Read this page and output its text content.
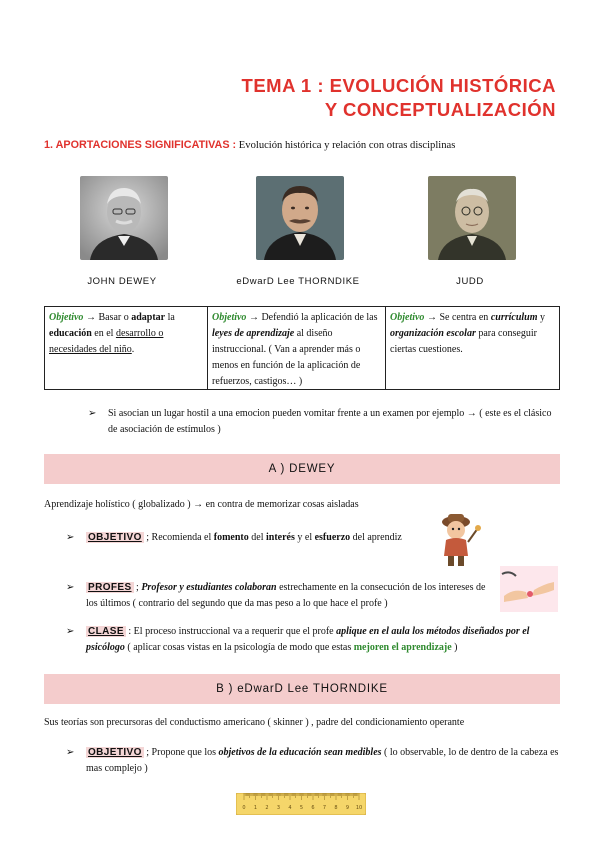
TEMA 1 : EVOLUCIÓN HISTÓRICA
Y CONCEPTUALIZACIÓN
1. APORTACIONES SIGNIFICATIVAS : Evolución histórica y relación con otras disciplinas
JOHN DEWEY	eDwarD Lee THORNDIKE	JUDD
Objetivo → Basar o adaptar la educación en el desarrollo o necesidades del niño.
Objetivo → Defendió la aplicación de las leyes de aprendizaje al diseño instruccional. ( Van a aprender más o menos en función de la aplicación de refuerzos, castigos… )
Objetivo → Se centra en currículum y organización escolar para conseguir ciertas cuestiones.
➢ Si asocian un lugar hostil a una emocion pueden vomitar frente a un examen por ejemplo → ( este es el clásico de asociación de estímulos )
A ) DEWEY
Aprendizaje holístico ( globalizado ) → en contra de memorizar cosas aisladas
➢ OBJETIVO ; Recomienda el fomento del interés y el esfuerzo del aprendiz
➢ PROFES ; Profesor y estudiantes colaboran estrechamente en la consecución de los intereses de los últimos ( contrario del segundo que da mas peso a lo que hace el profe )
➢ CLASE : El proceso instruccional va a requerir que el profe aplique en el aula los métodos diseñados por el psicólogo ( aplicar cosas vistas en la psicología de modo que estas mejoren el aprendizaje )
B ) eDwarD Lee THORNDIKE
Sus teorías son precursoras del conductismo americano ( skinner ) , padre del condicionamiento operante
➢ OBJETIVO ; Propone que los objetivos de la educación sean medibles ( lo observable, lo de dentro de la cabeza es mas complejo )
0 1 2 3 4 5 6 7 8 9 10
